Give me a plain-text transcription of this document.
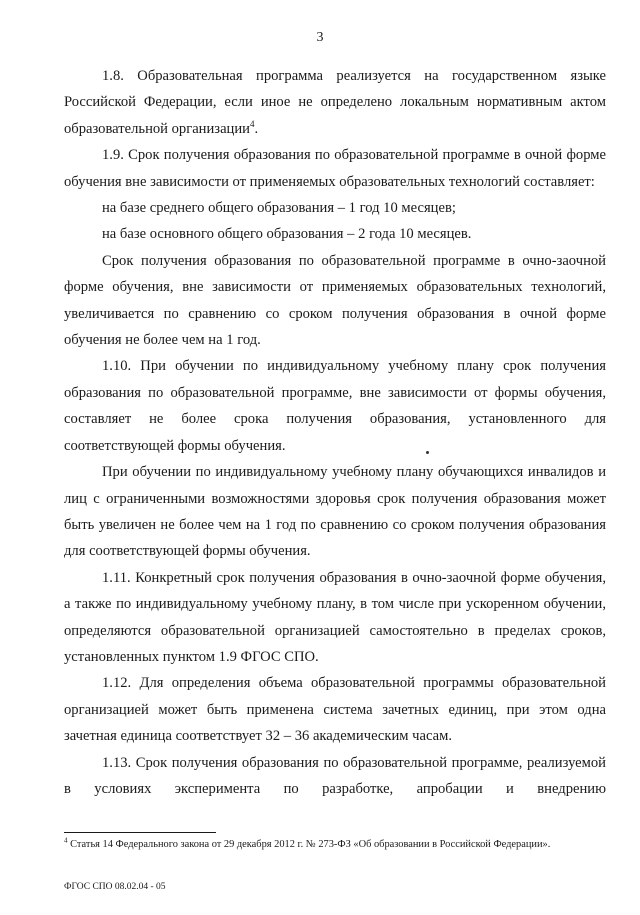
3

1.8. Образовательная программа реализуется на государственном языке Российской Федерации, если иное не определено локальным нормативным актом образовательной организации$^4$.

1.9. Срок получения образования по образовательной программе в очной форме обучения вне зависимости от применяемых образовательных технологий составляет:

на базе среднего общего образования – 1 год 10 месяцев;

на базе основного общего образования – 2 года 10 месяцев.

Срок получения образования по образовательной программе в очно-заочной форме обучения, вне зависимости от применяемых образовательных технологий, увеличивается по сравнению со сроком получения образования в очной форме обучения не более чем на 1 год.

1.10. При обучении по индивидуальному учебному плану срок получения образования по образовательной программе, вне зависимости от формы обучения, составляет не более срока получения образования, установленного для соответствующей формы обучения.

При обучении по индивидуальному учебному плану обучающихся инвалидов и лиц с ограниченными возможностями здоровья срок получения образования может быть увеличен не более чем на 1 год по сравнению со сроком получения образования для соответствующей формы обучения.

1.11. Конкретный срок получения образования в очно-заочной форме обучения, а также по индивидуальному учебному плану, в том числе при ускоренном обучении, определяются образовательной организацией самостоятельно в пределах сроков, установленных пунктом 1.9 ФГОС СПО.

1.12. Для определения объема образовательной программы образовательной организацией может быть применена система зачетных единиц, при этом одна зачетная единица соответствует 32 – 36 академическим часам.

1.13. Срок получения образования по образовательной программе, реализуемой в условиях эксперимента по разработке, апробации и внедрению

$^4$ Статья 14 Федерального закона от 29 декабря 2012 г. № 273-ФЗ «Об образовании в Российской Федерации».
ФГОС СПО 08.02.04 - 05
